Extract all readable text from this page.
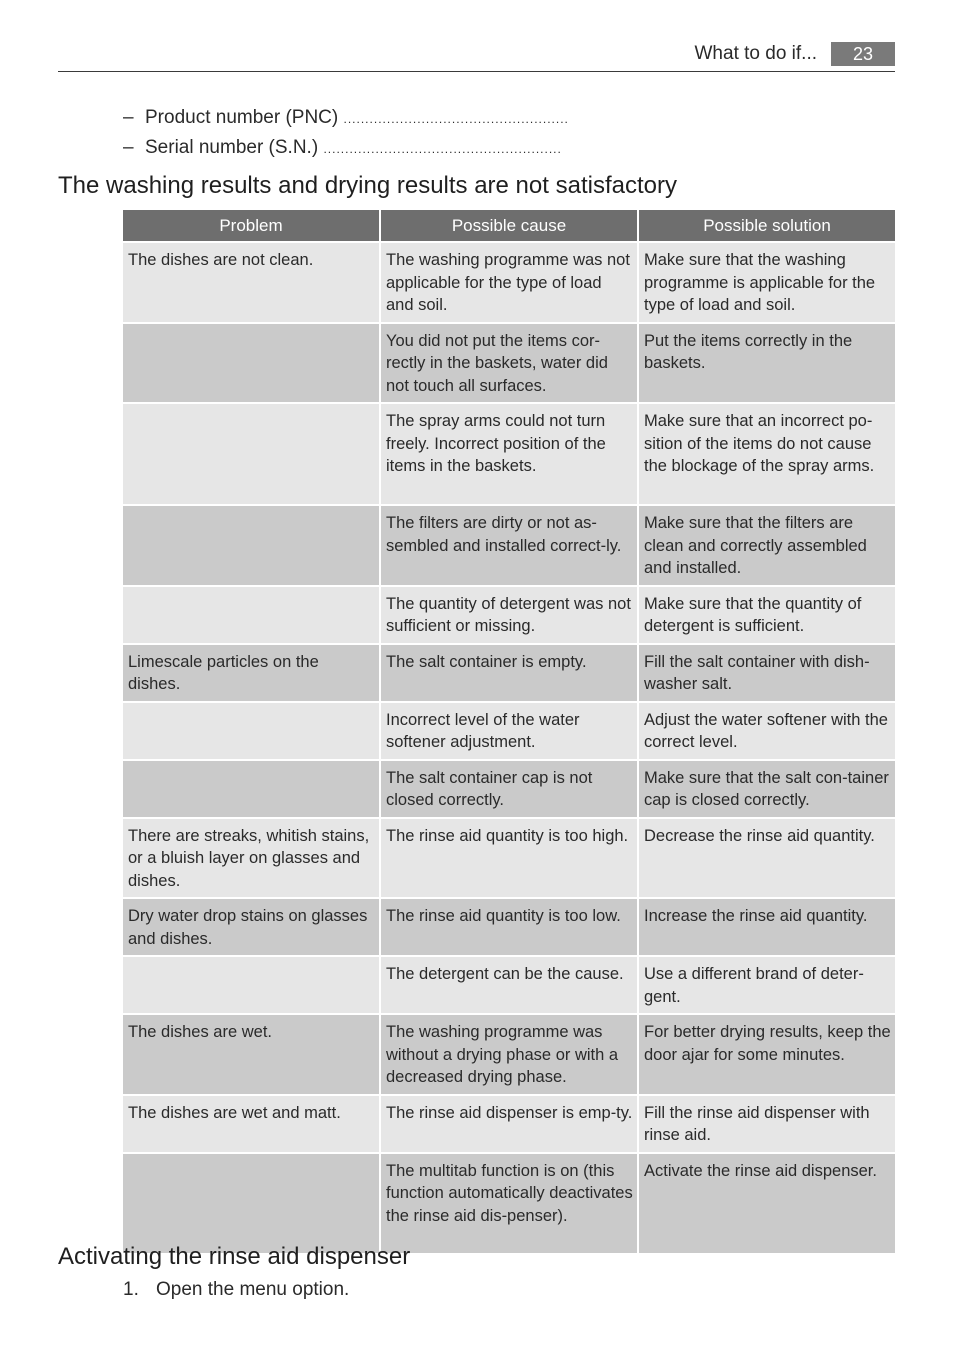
What to do if...	23
– Product number (PNC) ....................................................
– Serial number (S.N.) .......................................................
The washing results and drying results are not satisfactory
Problem	Possible cause	Possible solution
The dishes are not clean.	The washing programme was not applicable for the type of load and soil.	Make sure that the washing programme is applicable for the type of load and soil.
	You did not put the items cor-rectly in the baskets, water did not touch all surfaces.	Put the items correctly in the baskets.
	The spray arms could not turn freely. Incorrect position of the items in the baskets.	Make sure that an incorrect po-sition of the items do not cause the blockage of the spray arms.
	The filters are dirty or not as-sembled and installed correct-ly.	Make sure that the filters are clean and correctly assembled and installed.
	The quantity of detergent was not sufficient or missing.	Make sure that the quantity of detergent is sufficient.
Limescale particles on the dishes.	The salt container is empty.	Fill the salt container with dish-washer salt.
	Incorrect level of the water softener adjustment.	Adjust the water softener with the correct level.
	The salt container cap is not closed correctly.	Make sure that the salt con-tainer cap is closed correctly.
There are streaks, whitish stains, or a bluish layer on glasses and dishes.	The rinse aid quantity is too high.	Decrease the rinse aid quantity.
Dry water drop stains on glasses and dishes.	The rinse aid quantity is too low.	Increase the rinse aid quantity.
	The detergent can be the cause.	Use a different brand of deter-gent.
The dishes are wet.	The washing programme was without a drying phase or with a decreased drying phase.	For better drying results, keep the door ajar for some minutes.
The dishes are wet and matt.	The rinse aid dispenser is emp-ty.	Fill the rinse aid dispenser with rinse aid.
	The multitab function is on (this function automatically deactivates the rinse aid dis-penser).	Activate the rinse aid dispenser.
Activating the rinse aid dispenser
1. Open the menu option.
